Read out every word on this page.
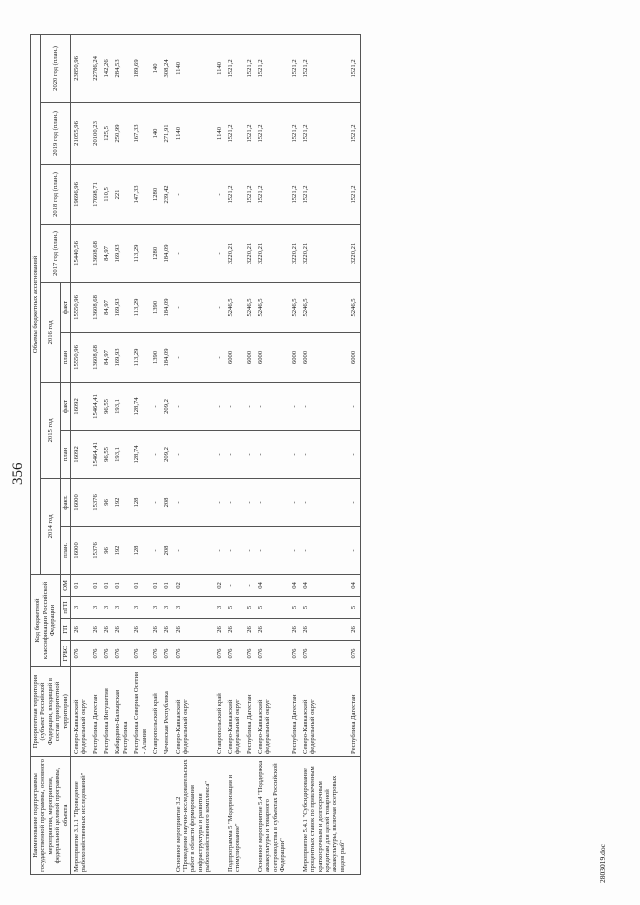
356
Наименование подпрограммы государственной программы, основного мероприятия, мероприятия, федеральной целевой программы, объекта	Приоритетная территория (субъект Российской Федерации, входящий в состав приоритетной территории)	Код бюджетной классификации Российской Федерации				Объемы бюджетных ассигнований									
						2014 год		2015 год		2016 год		2017 год (план.)	2018 год (план.)	2019 год (план.)	2020 год (план.)
		ГРБС	ГП	пГП	ОМ	план.	факт.	план	факт	план	факт				
Мероприятие 3.1.1 "Проведение рыбохозяйственных исследований"	Северо-Кавказский федеральный округ	076	26	3	01	16000	16000	16092	16092	15550,96	15550,96	15440,56	19696,96	21055,96	23850,96
	Республика Дагестан	076	26	3	01	15376	15376	15464,41	15464,41	13608,68	13608,68	13608,68	17698,71	20100,23	22786,24
	Республика Ингушетия	076	26	3	01	96	96	96,55	96,55	84,97	84,97	84,97	110,5	125,5	142,26
	Кабардино-Балкарская Республика	076	26	3	01	192	192	193,1	193,1	169,93	169,93	169,93	221	250,99	284,53
	Республика Северная Осетия - Алания	076	26	3	01	128	128	128,74	128,74	113,29	113,29	113,29	147,33	167,33	189,69
	Ставропольский край	076	26	3	01	-	-	-	-	1390	1390	1280	1280	140	140
	Чеченская Республика	076	26	3	01	208	208	209,2	209,2	184,09	184,09	184,09	239,42	271,91	308,24
Основное мероприятие 3.2 "Проведение научно-исследовательских работ в области формирования инфраструктуры и развития рыбохозяйственного комплекса"	Северо-Кавказский федеральный округ	076	26	3	02	-	-	-	-	-	-	-	-	1140	1140
	Ставропольский край	076	26	3	02	-	-	-	-	-	-	-	-	1140	1140
Подпрограмма 5 "Модернизация и стимулирование"	Северо-Кавказский федеральный округ	076	26	5	-	-	-	-	-	6000	5246,5	3220,21	1521,2	1521,2	1521,2
	Республика Дагестан	076	26	5	-	-	-	-	-	6000	5246,5	3220,21	1521,2	1521,2	1521,2
Основное мероприятие 5.4 "Поддержка аквакультуры и товарного осетроводства в субъектах Российской Федерации"	Северо-Кавказский федеральный округ	076	26	5	04	-	-	-	-	6000	5246,5	3220,21	1521,2	1521,2	1521,2
	Республика Дагестан	076	26	5	04	-	-	-	-	6000	5246,5	3220,21	1521,2	1521,2	1521,2
Мероприятие 5.4.1 "Субсидирование процентных ставок по привлеченным краткосрочным и долгосрочным кредитам для целей товарной аквакультуры, включая осетровых видов рыб"	Северо-Кавказский федеральный округ	076	26	5	04	-	-	-	-	6000	5246,5	3220,21	1521,2	1521,2	1521,2
	Республика Дагестан	076	26	5	04	-	-	-	-	6000	5246,5	3220,21	1521,2	1521,2	1521,2
2803019.doc
